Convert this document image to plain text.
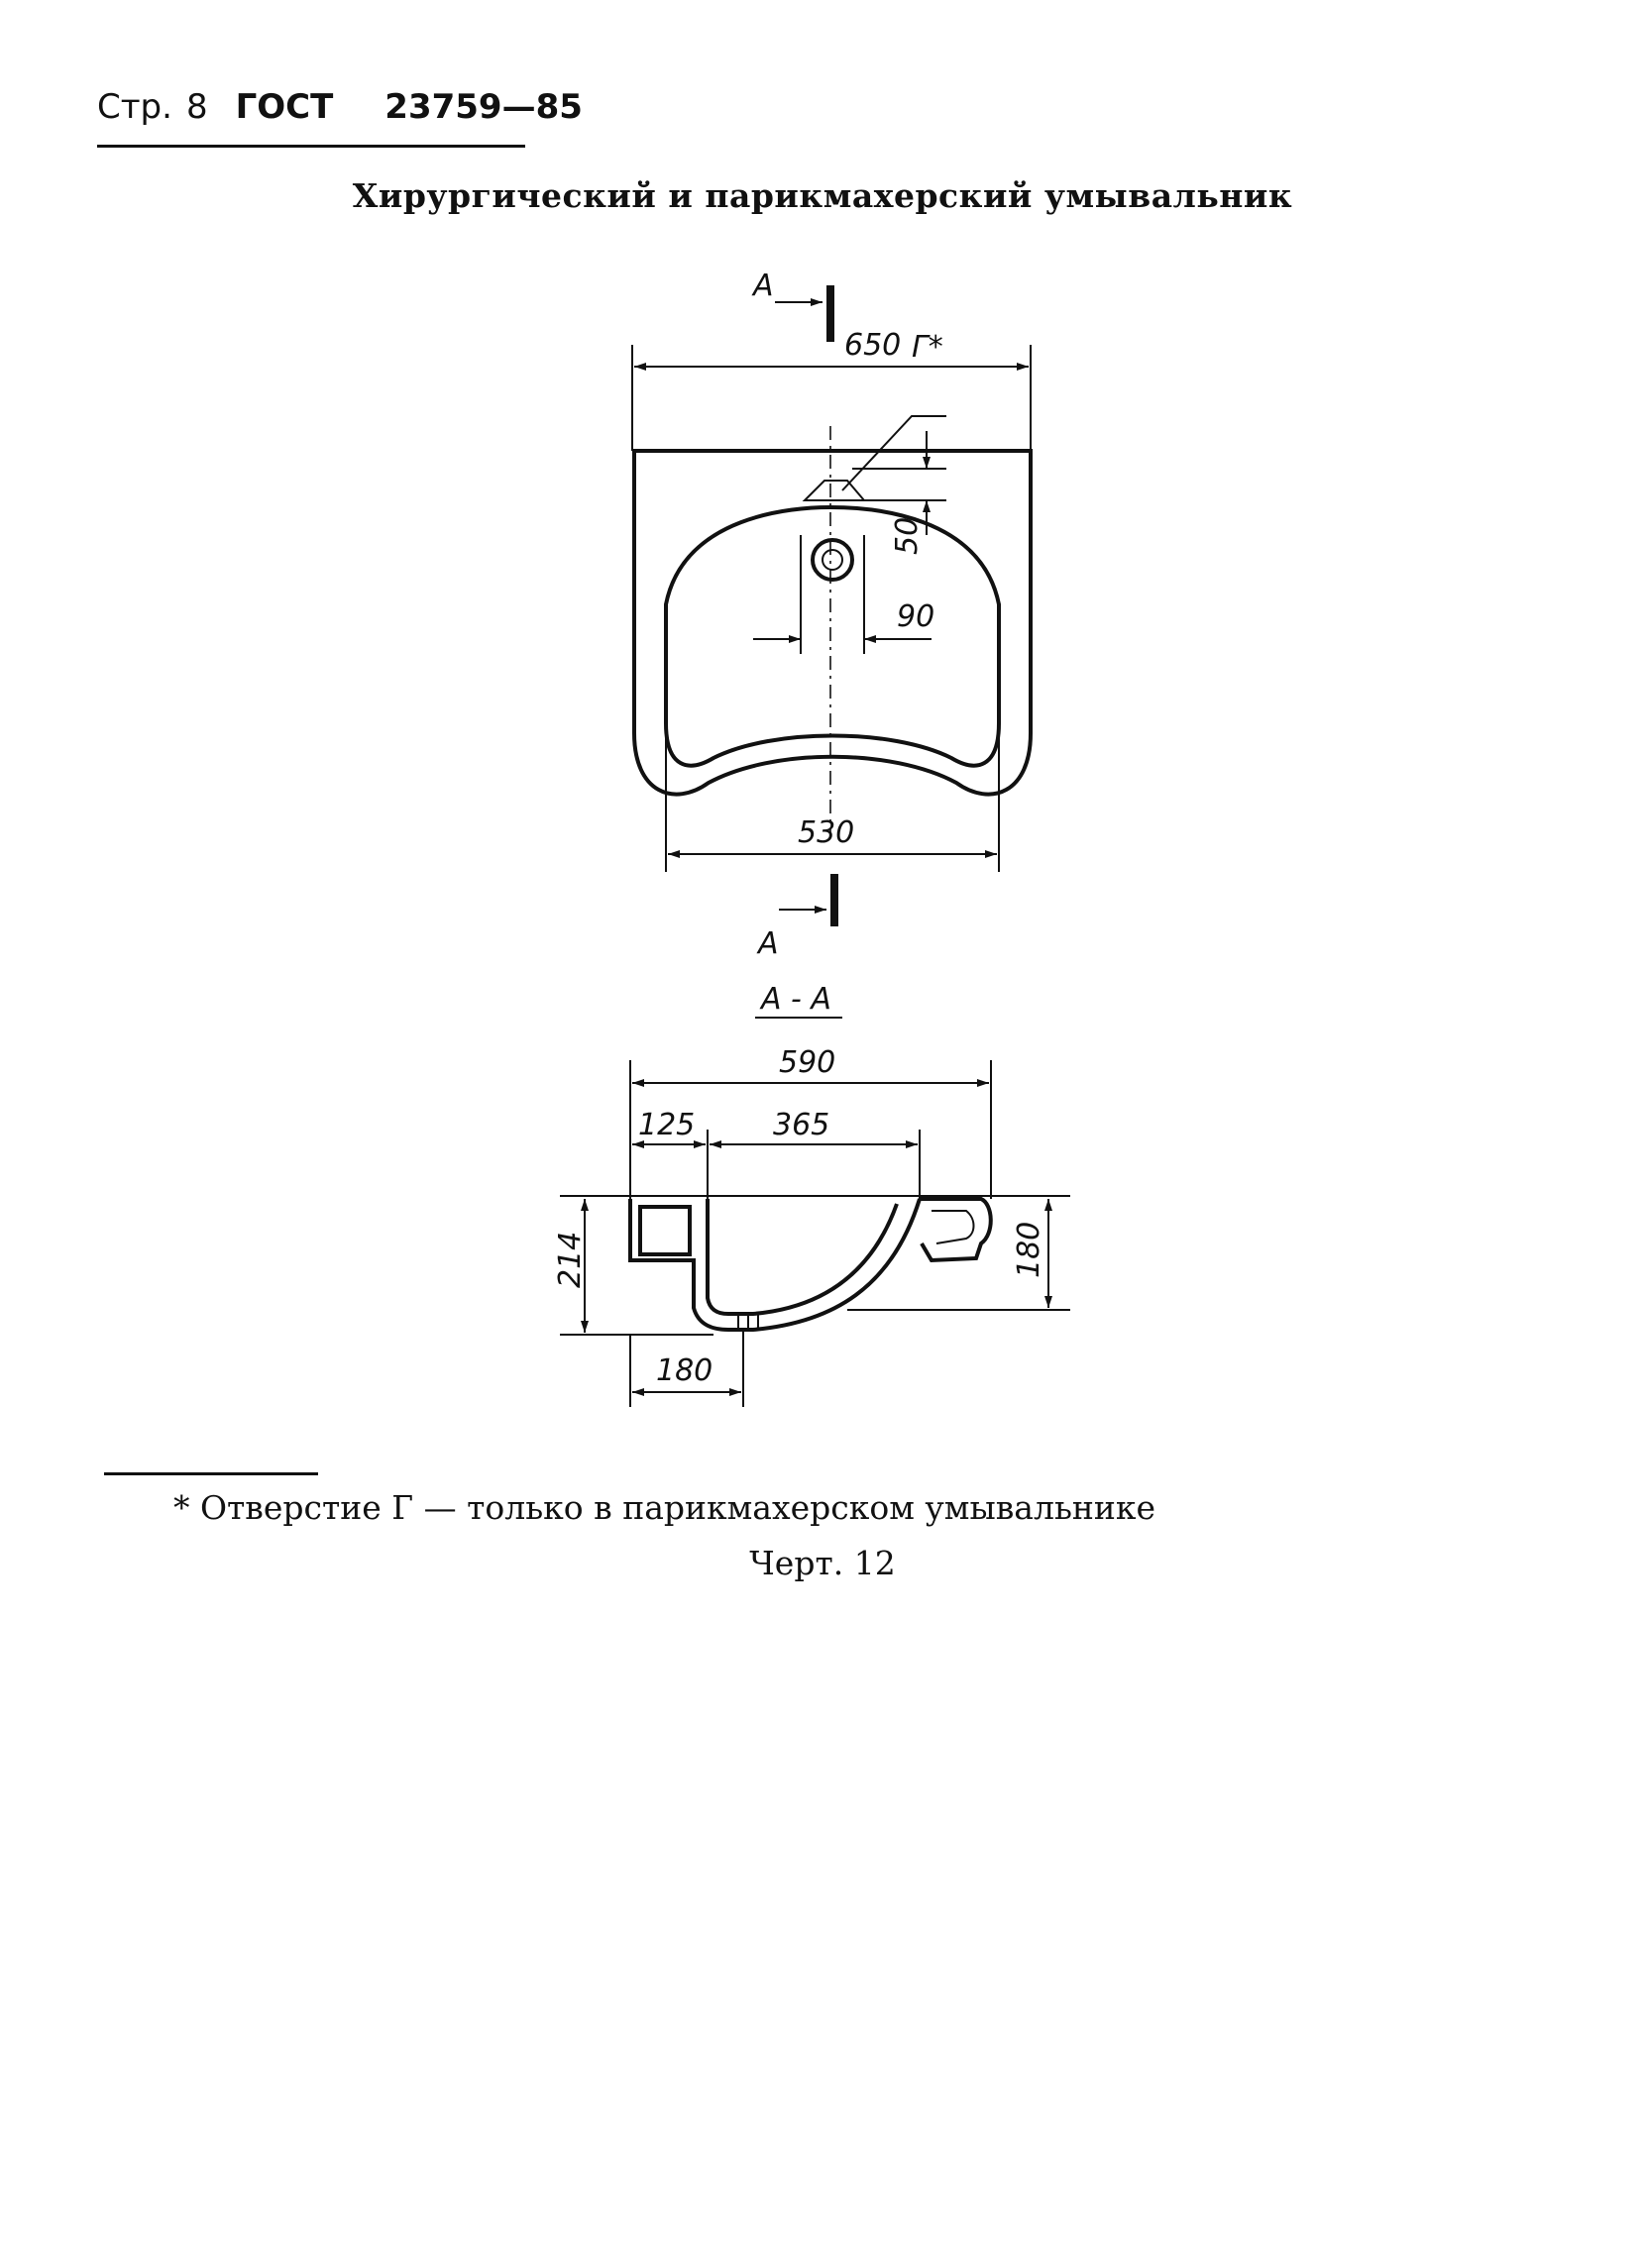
Стр. 8 ГОСТ 23759—85
Хирургический и парикмахерский умывальник
А
650 Г*
50
90
530
А
А - А
590
125	365
214	180
180
* Отверстие Г — только в парикмахерском умывальнике
Черт. 12
